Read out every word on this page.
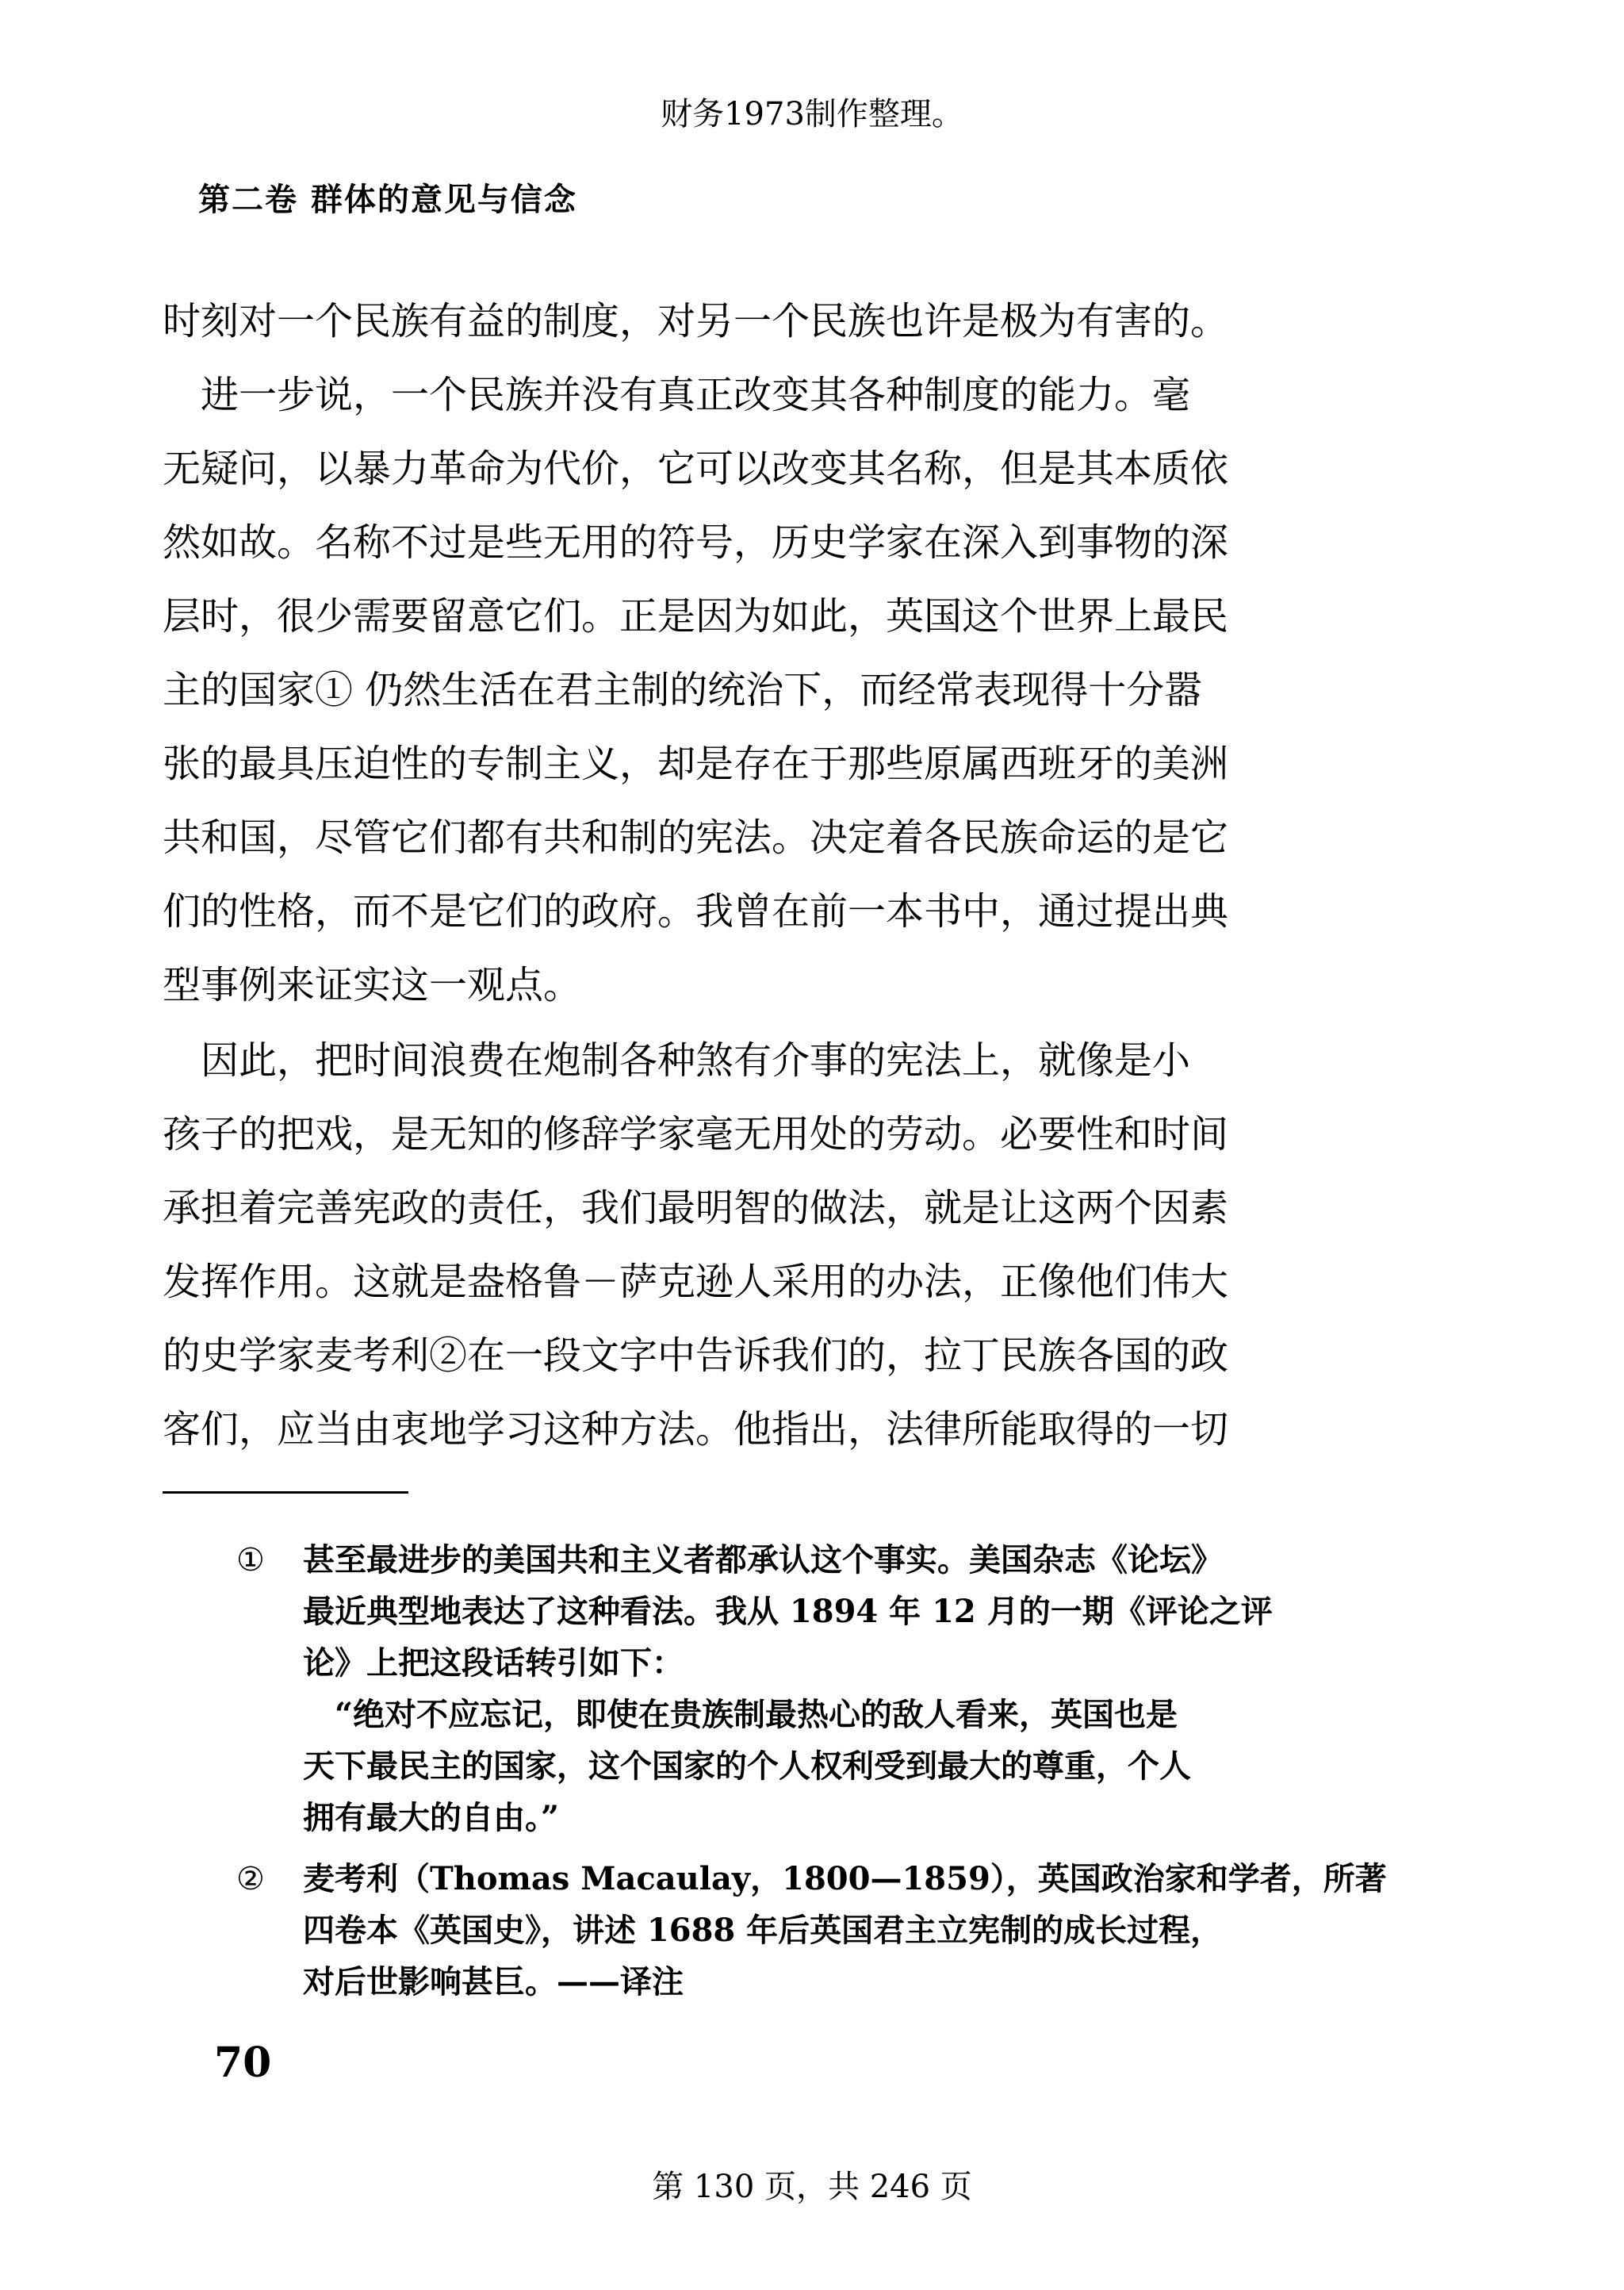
财务1973制作整理。
第二卷 群体的意见与信念
时刻对一个民族有益的制度，对另一个民族也许是极为有害的。
　进一步说，一个民族并没有真正改变其各种制度的能力。毫
无疑问，以暴力革命为代价，它可以改变其名称，但是其本质依
然如故。名称不过是些无用的符号，历史学家在深入到事物的深
层时，很少需要留意它们。正是因为如此，英国这个世界上最民
主的国家① 仍然生活在君主制的统治下，而经常表现得十分嚣
张的最具压迫性的专制主义，却是存在于那些原属西班牙的美洲
共和国，尽管它们都有共和制的宪法。决定着各民族命运的是它
们的性格，而不是它们的政府。我曾在前一本书中，通过提出典
型事例来证实这一观点。
　因此，把时间浪费在炮制各种煞有介事的宪法上，就像是小
孩子的把戏，是无知的修辞学家毫无用处的劳动。必要性和时间
承担着完善宪政的责任，我们最明智的做法，就是让这两个因素
发挥作用。这就是盎格鲁－萨克逊人采用的办法，正像他们伟大
的史学家麦考利②在一段文字中告诉我们的，拉丁民族各国的政
客们，应当由衷地学习这种方法。他指出，法律所能取得的一切
① 甚至最进步的美国共和主义者都承认这个事实。美国杂志《论坛》
最近典型地表达了这种看法。我从 1894 年 12 月的一期《评论之评
论》上把这段话转引如下：
　“绝对不应忘记，即使在贵族制最热心的敌人看来，英国也是
天下最民主的国家，这个国家的个人权利受到最大的尊重，个人
拥有最大的自由。”
② 麦考利（Thomas Macaulay，1800—1859），英国政治家和学者，所著
四卷本《英国史》，讲述 1688 年后英国君主立宪制的成长过程，
对后世影响甚巨。——译注
70
第 130 页，共 246 页
